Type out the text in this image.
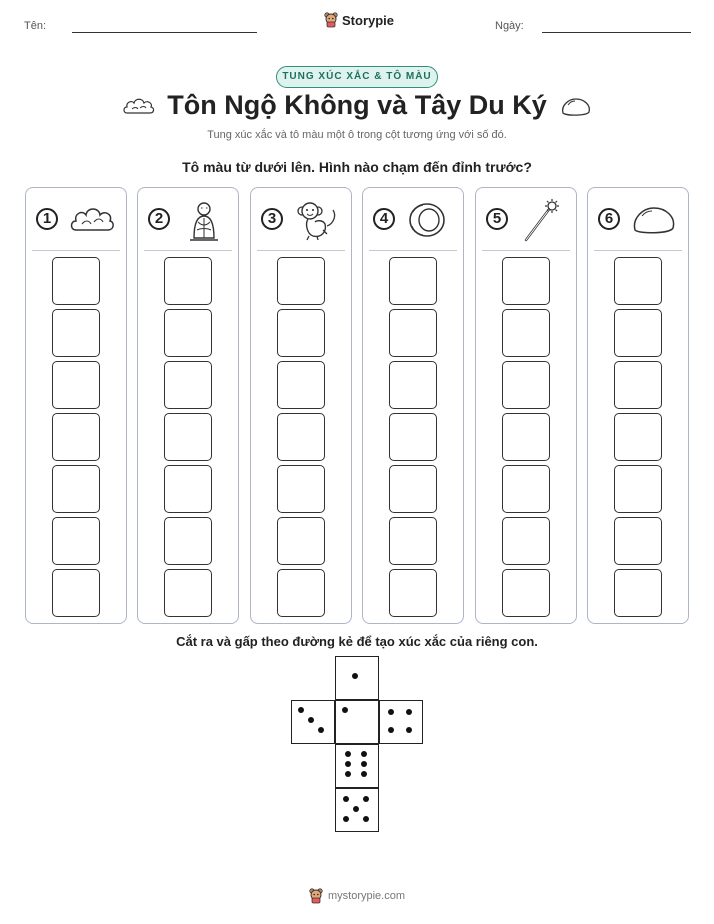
Tên:	Storypie	Ngày:
TUNG XÚC XẮC & TÔ MÀU
Tôn Ngộ Không và Tây Du Ký
Tung xúc xắc và tô màu một ô trong cột tương ứng với số đó.
Tô màu từ dưới lên. Hình nào chạm đến đỉnh trước?
1	2	3	4	5	6
Cắt ra và gấp theo đường kẻ để tạo xúc xắc của riêng con.
mystorypie.com
